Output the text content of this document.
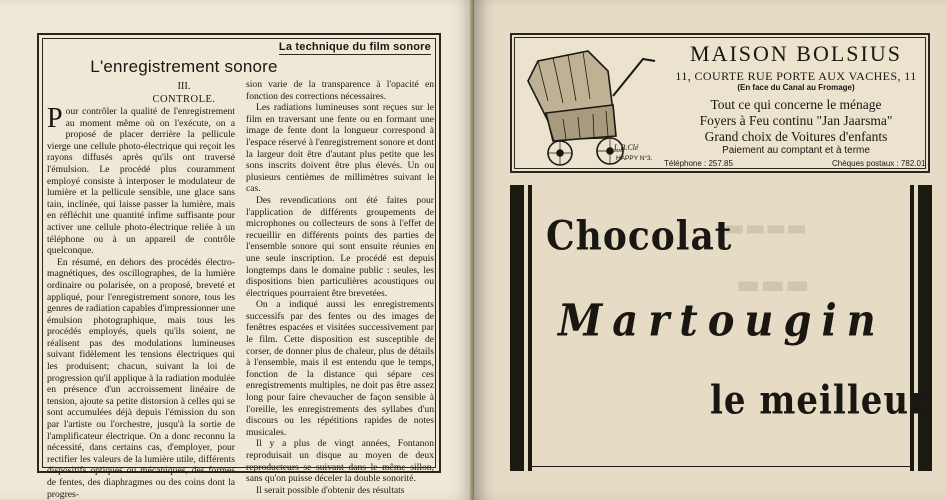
La technique du film sonore
L'enregistrement sonore
III.
CONTROLE.

Pour contrôler la qualité de l'enregistrement au moment même où on l'exécute, on a proposé de placer derrière la pellicule vierge une cellule photo-électrique qui reçoit les rayons diffusés après qu'ils ont traversé l'émulsion. Le procédé plus couramment employé consiste à interposer le modulateur de lumière et la pellicule sensible, une glace sans tain, inclinée, qui laisse passer la lumière, mais en réfléchit une quantité infime suffisante pour activer une cellule photo-électrique reliée à un téléphone ou à un appareil de contrôle quelconque.

En résumé, en dehors des procédés électro-magnétiques, des oscillographes, de la lumière ordinaire ou polarisée, on a proposé, breveté et appliqué, pour l'enregistrement sonore, tous les genres de radiation capables d'impressionner une émulsion photographique, mais tous les procédés employés, quels qu'ils soient, ne réalisent pas des modulations lumineuses suivant fidèlement les tensions électriques qui les produisent; chacun, suivant la loi de progression qu'il applique à la radiation modulée en présence d'un accroissement linéaire de tension, ajoute sa petite distorsion à celles qui se sont accumulées déjà depuis l'émission du son par l'artiste ou l'orchestre, jusqu'à la sortie de l'amplificateur électrique. On a donc reconnu la nécessité, dans certains cas, d'employer, pour rectifier les valeurs de la lumière utile, différents dispositifs optiques ou mécaniques, des formes de fentes, des diaphragmes ou des coins dont la progres-

sion varie de la transparence à l'opacité en fonction des corrections nécessaires.

Les radiations lumineuses sont reçues sur le film en traversant une fente ou en formant une image de fente dont la longueur correspond à l'espace réservé à l'enregistrement sonore et dont la largeur doit être d'autant plus petite que les sons inscrits doivent être plus élevés. Un ou plusieurs centièmes de millimètres suivant le cas.

Des revendications ont été faites pour l'application de différents groupements de microphones ou collecteurs de sons à l'effet de recueillir en différents points des parties de l'ensemble sonore qui sont ensuite réunies en une seule inscription. Le procédé est depuis longtemps dans le domaine public : seules, les dispositions bien particulières acoustiques ou électriques pourraient être brevetées.

On a indiqué aussi les enregistrements successifs par des fentes ou des images de fenêtres espacées et visitées successivement par le film. Cette disposition est susceptible de corser, de donner plus de chaleur, plus de détails à l'ensemble, mais il est entendu que le temps, fonction de la distance qui sépare ces enregistrements multiples, ne doit pas être assez long pour faire chevaucher de façon sensible à l'oreille, les enregistrements des syllabes d'un discours ou les répétitions rapides de notes musicales.

Il y a plus de vingt années, Fontanon reproduisait un disque au moyen de deux reproducteurs se suivant dans le même sillon, sans qu'on puisse déceler la double sonorité.

Il serait possible d'obtenir des résultats

▬▬▬▬
▬▬▬
L.B.Clé
HAPPY N°3.
MAISON BOLSIUS
11, COURTE RUE PORTE AUX VACHES, 11
(En face du Canal au Fromage)
Tout ce qui concerne le ménage
Foyers à Feu continu "Jan Jaarsma"
Grand choix de Voitures d'enfants
Paiement au comptant et à terme
Téléphone : 257.85	Chèques postaux : 782.01
Chocolat
Martougin
le meilleur
